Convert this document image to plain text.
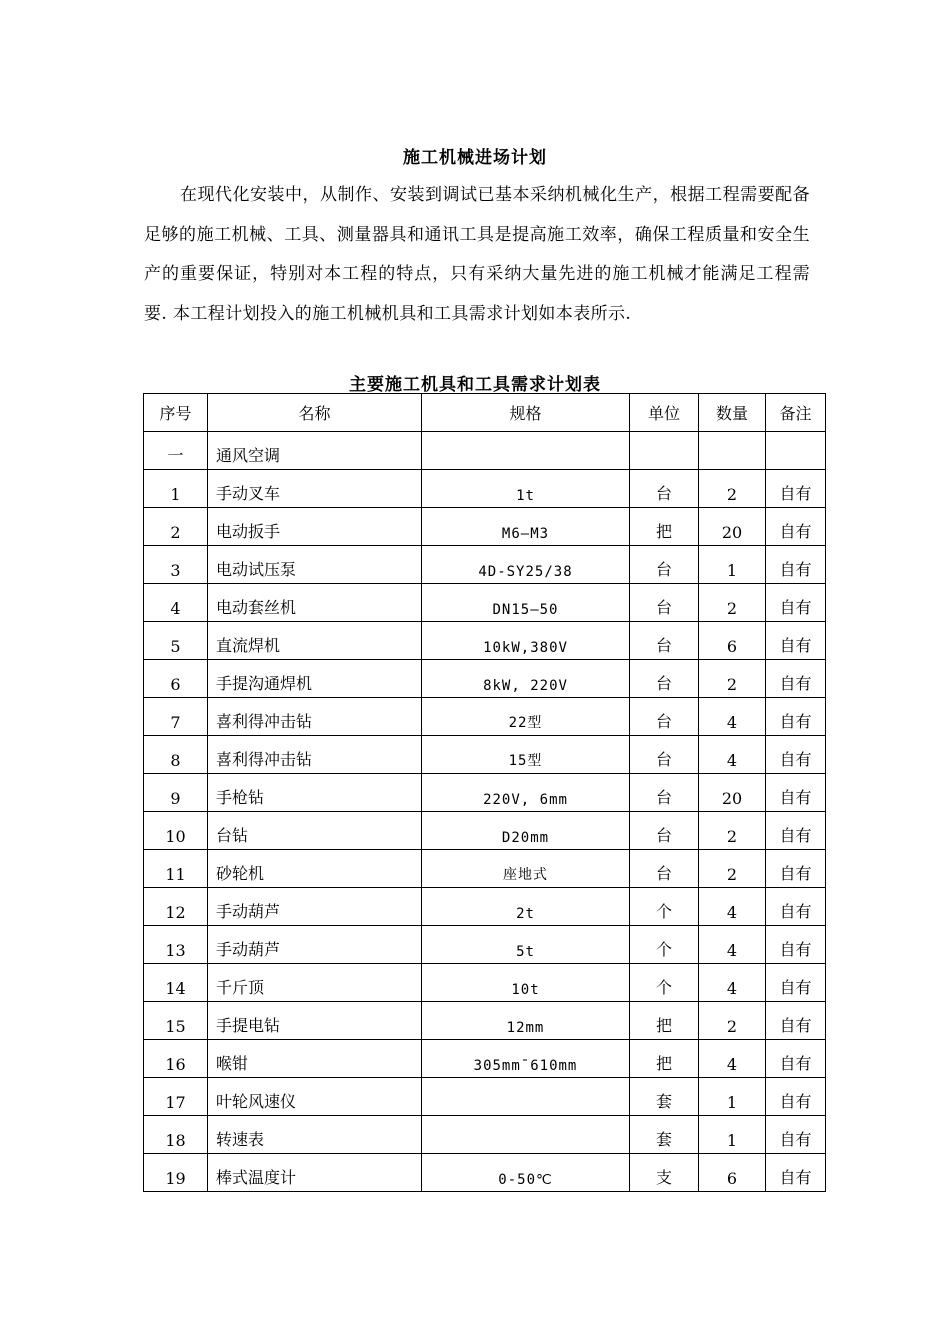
施工机械进场计划

在现代化安装中，从制作、安装到调试已基本采纳机械化生产，根据工程需要配备足够的施工机械、工具、测量器具和通讯工具是提高施工效率，确保工程质量和安全生产的重要保证，特别对本工程的特点，只有采纳大量先进的施工机械才能满足工程需要. 本工程计划投入的施工机械机具和工具需求计划如本表所示.

主要施工机具和工具需求计划表
序号	名称	规格	单位	数量	备注
一	通风空调				
1	手动叉车	1t	台	2	自有
2	电动扳手	M6—M3	把	20	自有
3	电动试压泵	4D-SY25/38	台	1	自有
4	电动套丝机	DN15—50	台	2	自有
5	直流焊机	10kW,380V	台	6	自有
6	手提沟通焊机	8kW, 220V	台	2	自有
7	喜利得冲击钻	22型	台	4	自有
8	喜利得冲击钻	15型	台	4	自有
9	手枪钻	220V, 6mm	台	20	自有
10	台钻	D20mm	台	2	自有
11	砂轮机	座地式	台	2	自有
12	手动葫芦	2t	个	4	自有
13	手动葫芦	5t	个	4	自有
14	千斤顶	10t	个	4	自有
15	手提电钻	12mm	把	2	自有
16	喉钳	305mm¯610mm	把	4	自有
17	叶轮风速仪		套	1	自有
18	转速表		套	1	自有
19	棒式温度计	0-50℃	支	6	自有
